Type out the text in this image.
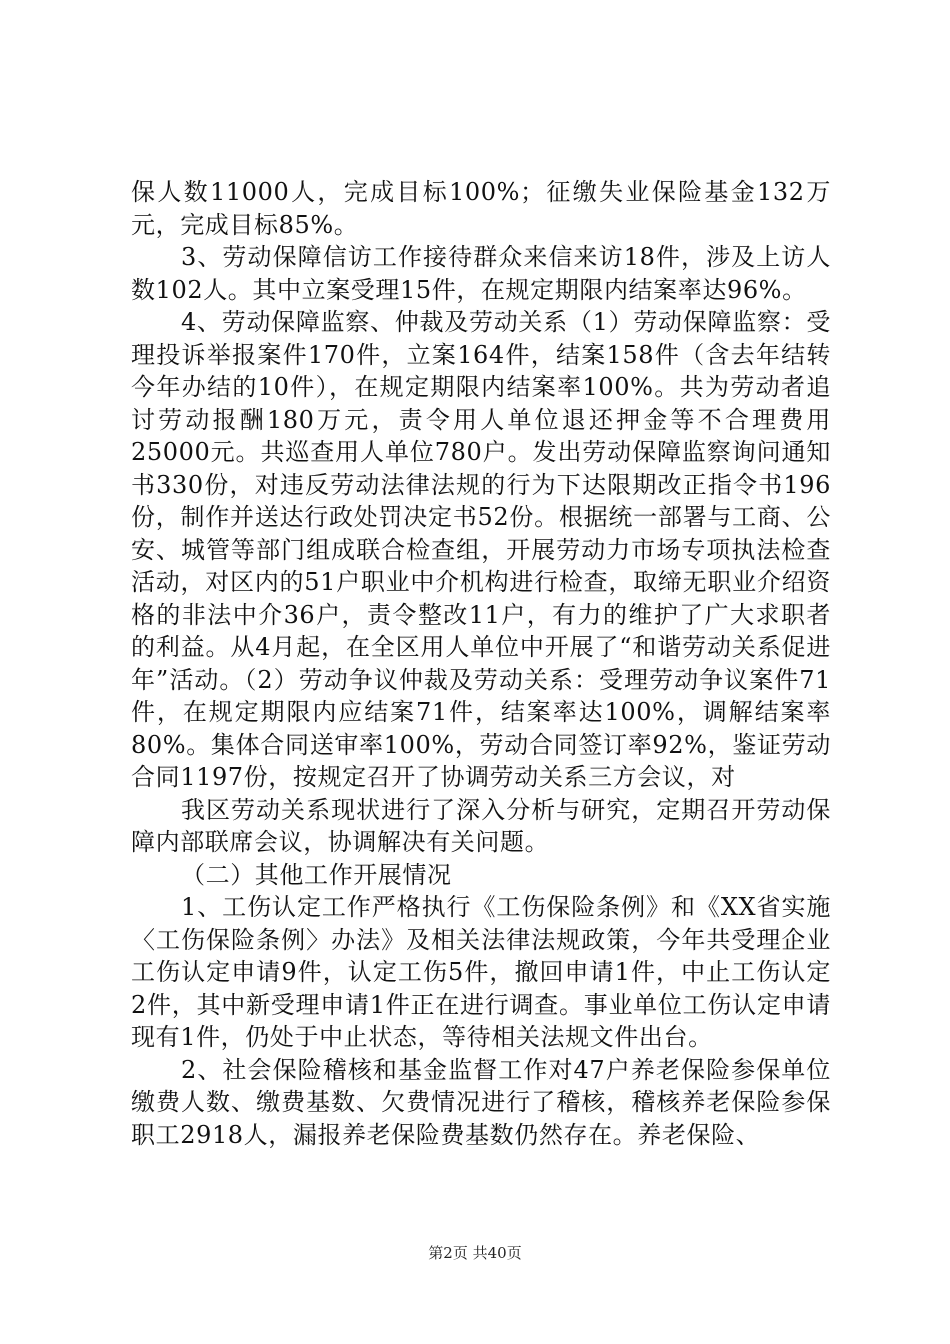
保人数11000人，完成目标100%；征缴失业保险基金132万元，完成目标85%。

3、劳动保障信访工作接待群众来信来访18件，涉及上访人数102人。其中立案受理15件，在规定期限内结案率达96%。

4、劳动保障监察、仲裁及劳动关系（1）劳动保障监察：受理投诉举报案件170件，立案164件，结案158件（含去年结转今年办结的10件），在规定期限内结案率100%。共为劳动者追讨劳动报酬180万元，责令用人单位退还押金等不合理费用25000元。共巡查用人单位780户。发出劳动保障监察询问通知书330份，对违反劳动法律法规的行为下达限期改正指令书196份，制作并送达行政处罚决定书52份。根据统一部署与工商、公安、城管等部门组成联合检查组，开展劳动力市场专项执法检查活动，对区内的51户职业中介机构进行检查，取缔无职业介绍资格的非法中介36户，责令整改11户，有力的维护了广大求职者的利益。从4月起，在全区用人单位中开展了“和谐劳动关系促进年”活动。（2）劳动争议仲裁及劳动关系：受理劳动争议案件71件，在规定期限内应结案71件，结案率达100%，调解结案率80%。集体合同送审率100%，劳动合同签订率92%，鉴证劳动合同1197份，按规定召开了协调劳动关系三方会议，对

我区劳动关系现状进行了深入分析与研究，定期召开劳动保障内部联席会议，协调解决有关问题。

（二）其他工作开展情况

1、工伤认定工作严格执行《工伤保险条例》和《XX省实施〈工伤保险条例〉办法》及相关法律法规政策，今年共受理企业工伤认定申请9件，认定工伤5件，撤回申请1件，中止工伤认定2件，其中新受理申请1件正在进行调查。事业单位工伤认定申请现有1件，仍处于中止状态，等待相关法规文件出台。

2、社会保险稽核和基金监督工作对47户养老保险参保单位缴费人数、缴费基数、欠费情况进行了稽核，稽核养老保险参保职工2918人，漏报养老保险费基数仍然存在。养老保险、

第2页 共40页
